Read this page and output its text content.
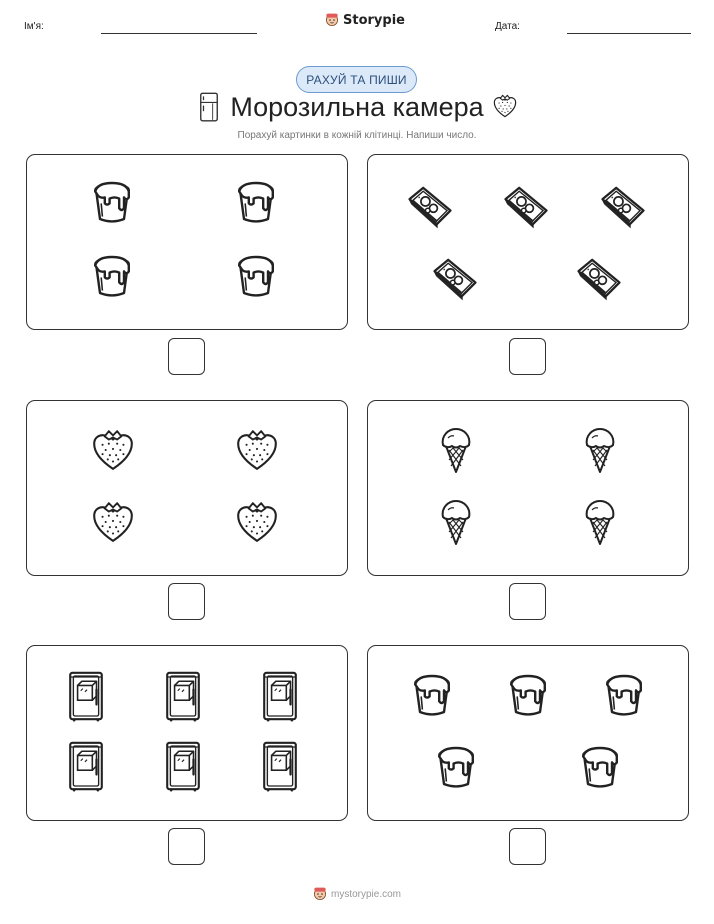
Ім'я:	Storypie	Дата:
РАХУЙ ТА ПИШИ
Морозильна камера
Порахуй картинки в кожній клітинці. Напиши число.
mystorypie.com
